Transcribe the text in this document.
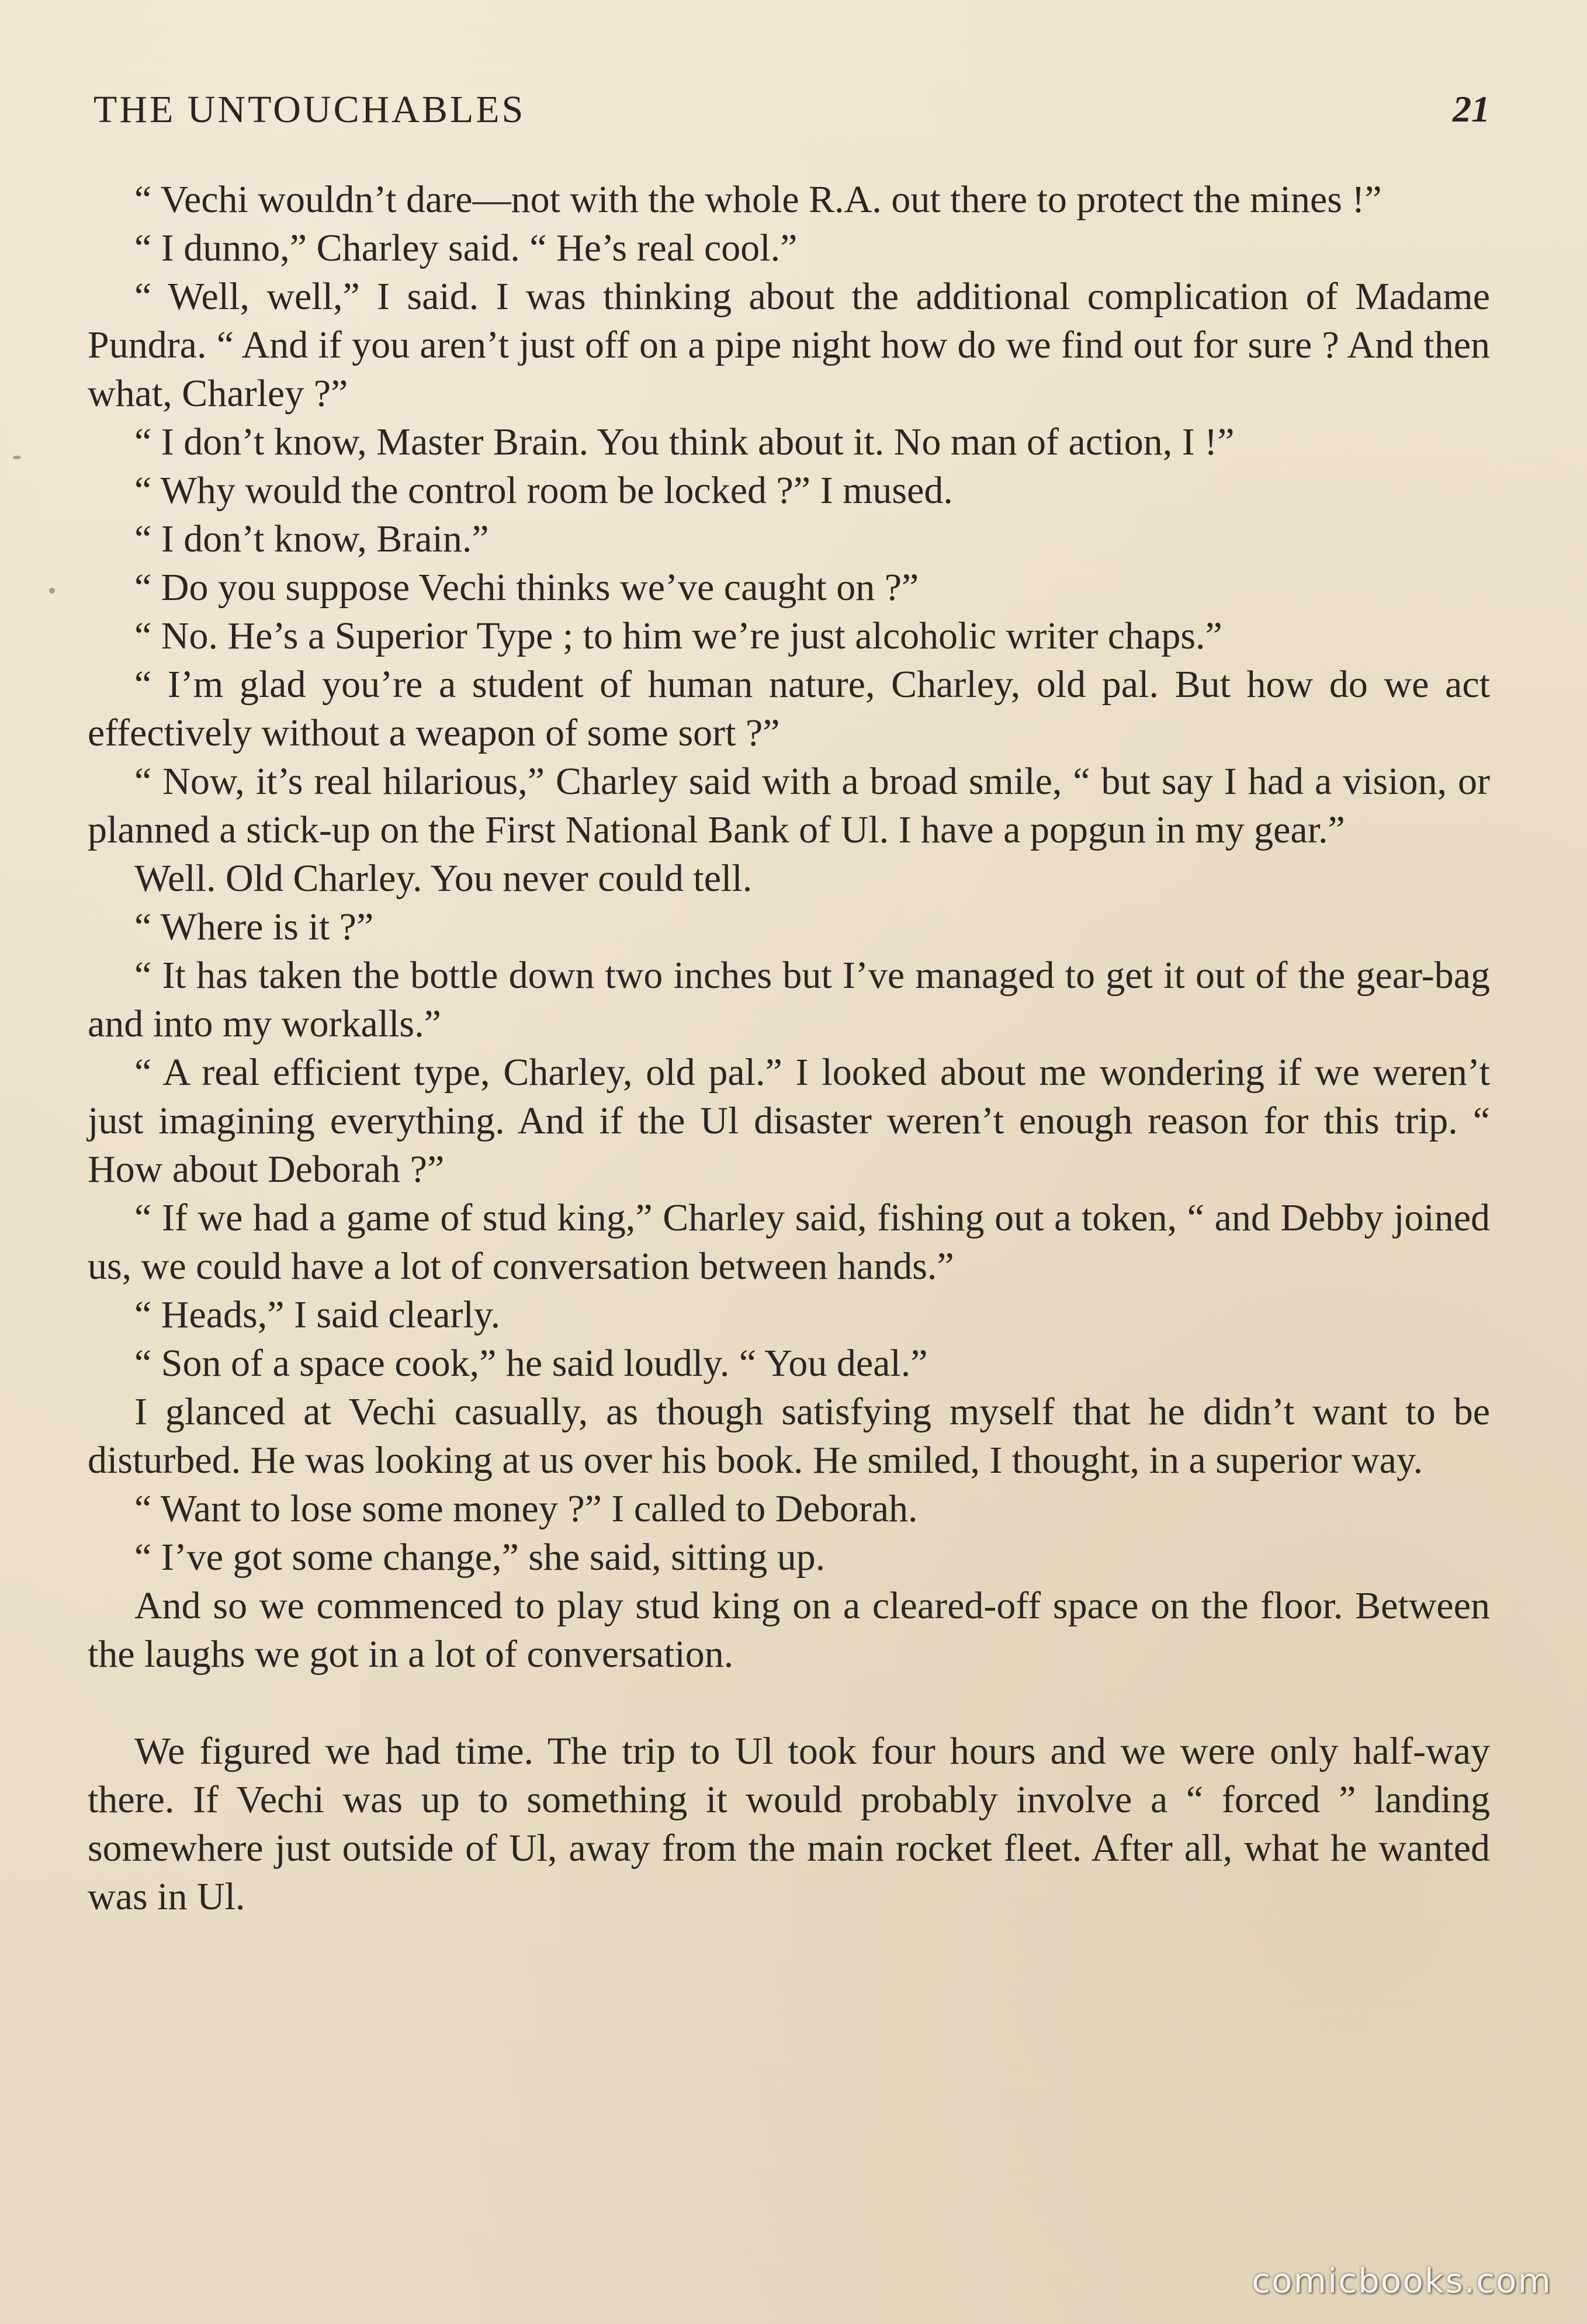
THE UNTOUCHABLES	21

“ Vechi wouldn’t dare—not with the whole R.A. out there to protect the mines !”

“ I dunno,” Charley said. “ He’s real cool.”

“ Well, well,” I said. I was thinking about the additional complication of Madame Pundra. “ And if you aren’t just off on a pipe night how do we find out for sure ? And then what, Charley ?”

“ I don’t know, Master Brain. You think about it. No man of action, I !”

“ Why would the control room be locked ?” I mused.

“ I don’t know, Brain.”

“ Do you suppose Vechi thinks we’ve caught on ?”

“ No. He’s a Superior Type ; to him we’re just alcoholic writer chaps.”

“ I’m glad you’re a student of human nature, Charley, old pal. But how do we act effectively without a weapon of some sort ?”

“ Now, it’s real hilarious,” Charley said with a broad smile, “ but say I had a vision, or planned a stick-up on the First National Bank of Ul. I have a popgun in my gear.”

Well. Old Charley. You never could tell.

“ Where is it ?”

“ It has taken the bottle down two inches but I’ve managed to get it out of the gear-bag and into my workalls.”

“ A real efficient type, Charley, old pal.” I looked about me wondering if we weren’t just imagining everything. And if the Ul disaster weren’t enough reason for this trip. “ How about Deborah ?”

“ If we had a game of stud king,” Charley said, fishing out a token, “ and Debby joined us, we could have a lot of conversation between hands.”

“ Heads,” I said clearly.

“ Son of a space cook,” he said loudly. “ You deal.”

I glanced at Vechi casually, as though satisfying myself that he didn’t want to be disturbed. He was looking at us over his book. He smiled, I thought, in a superior way.

“ Want to lose some money ?” I called to Deborah.

“ I’ve got some change,” she said, sitting up.

And so we commenced to play stud king on a cleared-off space on the floor. Between the laughs we got in a lot of conversation.

We figured we had time. The trip to Ul took four hours and we were only half-way there. If Vechi was up to something it would probably involve a “ forced ” landing somewhere just outside of Ul, away from the main rocket fleet. After all, what he wanted was in Ul.

comicbooks.com
